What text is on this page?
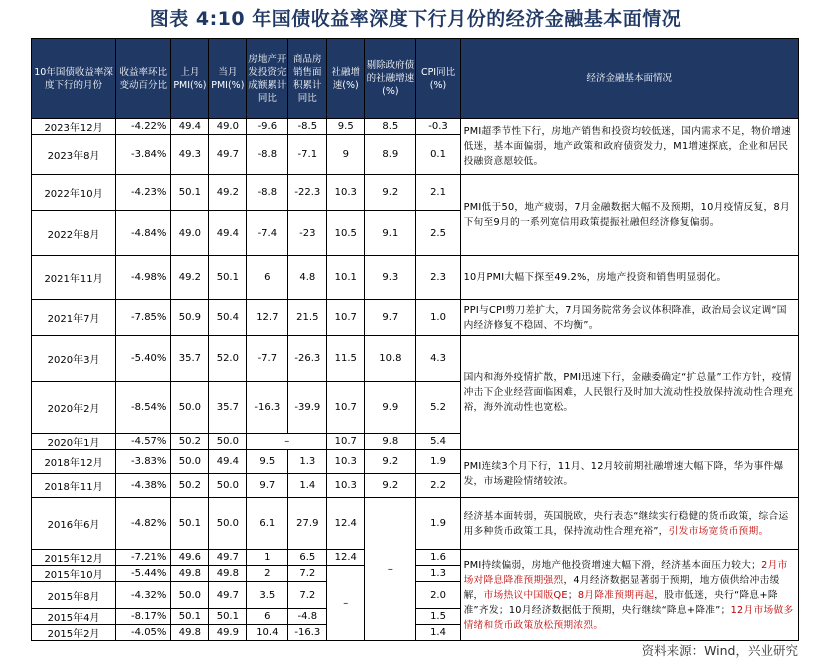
图表 4:10 年国债收益率深度下行月份的经济金融基本面情况
10年国债收益率深度下行的月份	收益率环比变动百分比	上月PMI(%)	当月PMI(%)	房地产开发投资完成额累计同比	商品房销售面积累计同比	社融增速(%)	剔除政府债的社融增速(%)	CPI同比(%)	经济金融基本面情况
2023年12月	-4.22%	49.4	49.0	-9.6	-8.5	9.5	8.5	-0.3	PMI超季节性下行，房地产销售和投资均较低迷，国内需求不足，物价增速低迷，基本面偏弱，地产政策和政府债资发力，M1增速探底，企业和居民投融资意愿较低。
2023年8月	-3.84%	49.3	49.7	-8.8	-7.1	9	8.9	0.1	
2022年10月	-4.23%	50.1	49.2	-8.8	-22.3	10.3	9.2	2.1	PMI低于50，地产疲弱，7月金融数据大幅不及预期，10月疫情反复，8月下旬至9月的一系列宽信用政策提振社融但经济修复偏弱。
2022年8月	-4.84%	49.0	49.4	-7.4	-23	10.5	9.1	2.5	
2021年11月	-4.98%	49.2	50.1	6	4.8	10.1	9.3	2.3	10月PMI大幅下探至49.2%，房地产投资和销售明显弱化。
2021年7月	-7.85%	50.9	50.4	12.7	21.5	10.7	9.7	1.0	PPI与CPI剪刀差扩大，7月国务院常务会议体积降准，政治局会议定调“国内经济修复不稳固、不均衡”。
2020年3月	-5.40%	35.7	52.0	-7.7	-26.3	11.5	10.8	4.3	国内和海外疫情扩散，PMI迅速下行，金融委确定“扩总量”工作方针，疫情冲击下企业经营面临困难，人民银行及时加大流动性投放保持流动性合理充裕，海外流动性也宽松。
2020年2月	-8.54%	50.0	35.7	-16.3	-39.9	10.7	9.9	5.2	
2020年1月	-4.57%	50.2	50.0	–		10.7	9.8	5.4	
2018年12月	-3.83%	50.0	49.4	9.5	1.3	10.3	9.2	1.9	PMI连续3个月下行，11月、12月较前期社融增速大幅下降，华为事件爆发，市场避险情绪较浓。
2018年11月	-4.38%	50.2	50.0	9.7	1.4	10.3	9.2	2.2	
2016年6月	-4.82%	50.1	50.0	6.1	27.9	12.4	–	1.9	经济基本面转弱，英国脱欧，央行表态“继续实行稳健的货币政策，综合运用多种货币政策工具，保持流动性合理充裕”，引发市场宽货币预期。
2015年12月	-7.21%	49.6	49.7	1	6.5	12.4		1.6	PMI持续偏弱，房地产他投资增速大幅下滑，经济基本面压力较大；2月市场对降息降准预期强烈，4月经济数据显著弱于预期，地方债供给冲击缓解，市场热议中国版QE；8月降准预期再起，股市低迷，央行“降息+降准”齐发；10月经济数据低于预期，央行继续“降息+降准”；12月市场做多情绪和货币政策放松预期浓烈。
2015年10月	-5.44%	49.8	49.8	2	7.2	–		1.3	
2015年8月	-4.32%	50.0	49.7	3.5	7.2			2.0	
2015年4月	-8.17%	50.1	50.1	6	-4.8			1.5	
2015年2月	-4.05%	49.8	49.9	10.4	-16.3			1.4	
资料来源：Wind，兴业研究
